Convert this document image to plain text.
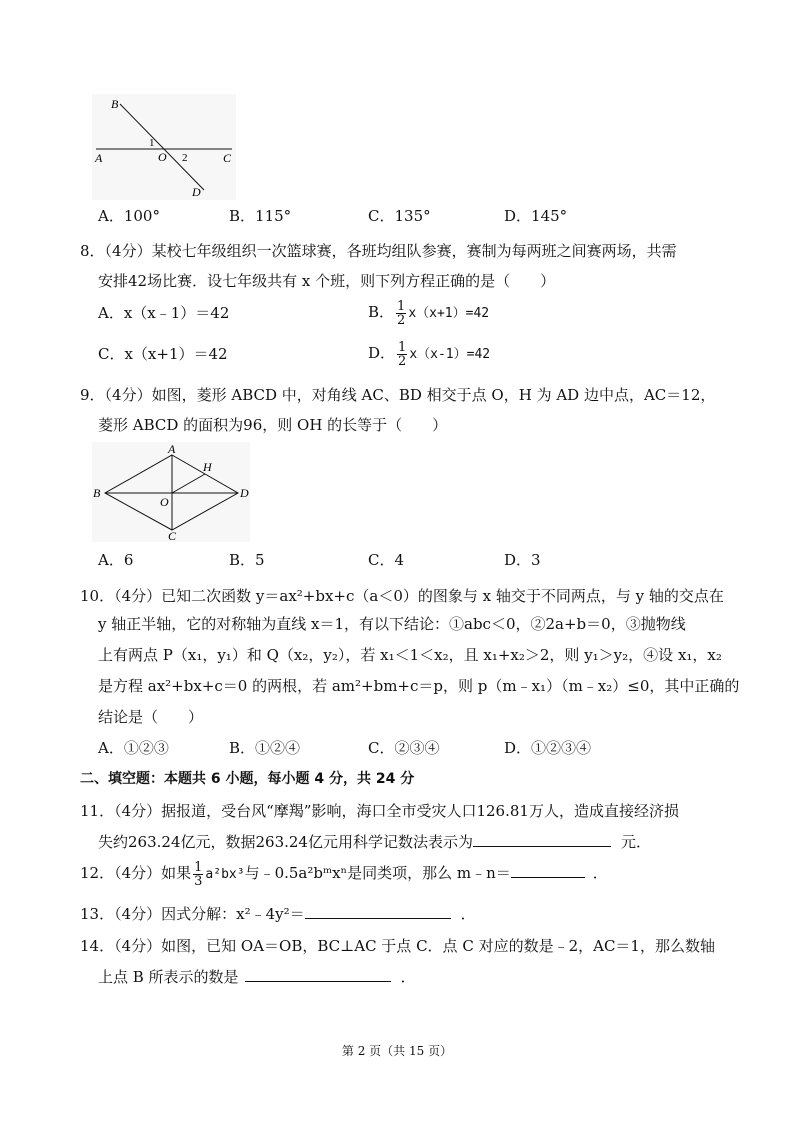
B
1
A	O 2	C
D
A．100°	B．115°	C．135°	D．145°
8．（4分）某校七年级组织一次篮球赛，各班均组队参赛，赛制为每两班之间赛两场，共需
安排42场比赛．设七年级共有 x 个班，则下列方程正确的是（　　）
A．x（x﹣1）＝42	B． $\frac{1}{2} x(x+1)=42$
C．x（x+1）＝42	D． $\frac{1}{2} x(x-1)=42$
9．（4分）如图，菱形 ABCD 中，对角线 AC、BD 相交于点 O，H 为 AD 边中点，AC＝12，
菱形 ABCD 的面积为96，则 OH 的长等于（　　）
A
H
B
O
D
C
A．6	B．5	C．4	D．3
10．（4分）已知二次函数 y＝ax²+bx+c（a＜0）的图象与 x 轴交于不同两点，与 y 轴的交点在
y 轴正半轴，它的对称轴为直线 x＝1，有以下结论：①abc＜0，②2a+b＝0，③抛物线
上有两点 P（x₁，y₁）和 Q（x₂，y₂），若 x₁＜1＜x₂，且 x₁+x₂＞2，则 y₁＞y₂，④设 x₁，x₂
是方程 ax²+bx+c＝0 的两根，若 am²+bm+c＝p，则 p（m﹣x₁）（m﹣x₂）≤0，其中正确的
结论是（　　）
A．①②③	B．①②④	C．②③④	D．①②③④
二、填空题：本题共 6 小题，每小题 4 分，共 24 分
11．（4分）据报道，受台风“摩羯”影响，海口全市受灾人口126.81万人，造成直接经济损
失约263.24亿元，数据263.24亿元用科学记数法表示为	元．
12．（4分）如果 $\frac{1}{3} a^2bx^3$与﹣0.5a²bᵐxⁿ是同类项，那么 m﹣n＝	．
13．（4分）因式分解：x²﹣4y²＝	．
14．（4分）如图，已知 OA＝OB，BC⊥AC 于点 C．点 C 对应的数是﹣2，AC＝1，那么数轴
上点 B 所表示的数是	．
第 2 页（共 15 页）
